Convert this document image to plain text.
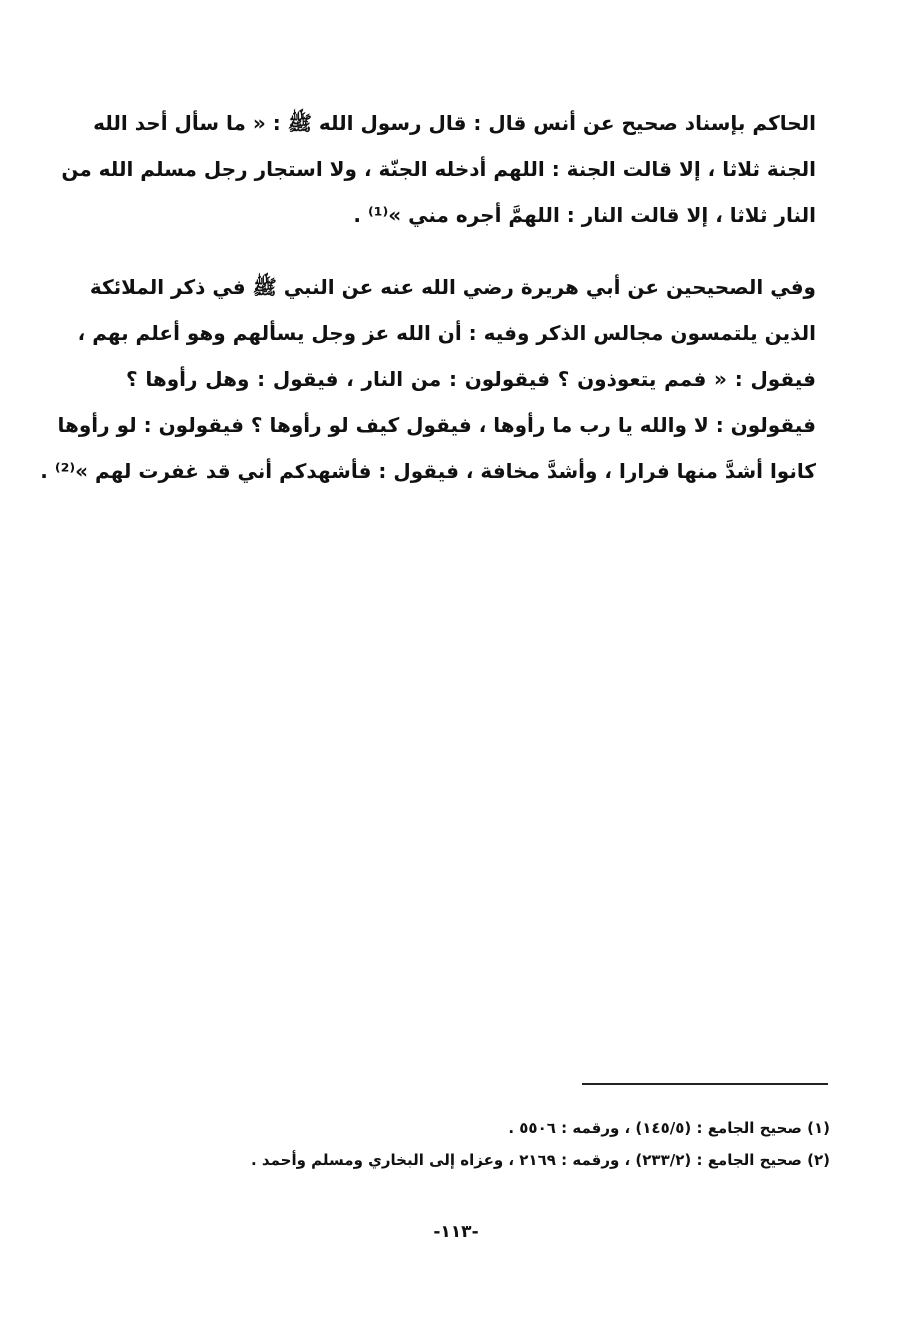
الحاكم بإسناد صحيح عن أنس قال : قال رسول الله ﷺ : « ما سأل أحد الله
الجنة ثلاثا ، إلا قالت الجنة : اللهم أدخله الجنّة ، ولا استجار رجل مسلم الله من
النار ثلاثا ، إلا قالت النار : اللهمَّ أجره مني »⁽¹⁾ .
وفي الصحيحين عن أبي هريرة رضي الله عنه عن النبي ﷺ في ذكر الملائكة
الذين يلتمسون مجالس الذكر وفيه : أن الله عز وجل يسألهم وهو أعلم بهم ،
فيقول : « فمم يتعوذون ؟ فيقولون : من النار ، فيقول : وهل رأوها ؟
فيقولون : لا والله يا رب ما رأوها ، فيقول كيف لو رأوها ؟ فيقولون : لو رأوها
كانوا أشدَّ منها فرارا ، وأشدَّ مخافة ، فيقول : فأشهدكم أني قد غفرت لهم »⁽²⁾ .
(١) صحيح الجامع : (١٤٥/٥) ، ورقمه : ٥٥٠٦ .
(٢) صحيح الجامع : (٢٣٣/٢) ، ورقمه : ٢١٦٩ ، وعزاه إلى البخاري ومسلم وأحمد .
-١١٣-
